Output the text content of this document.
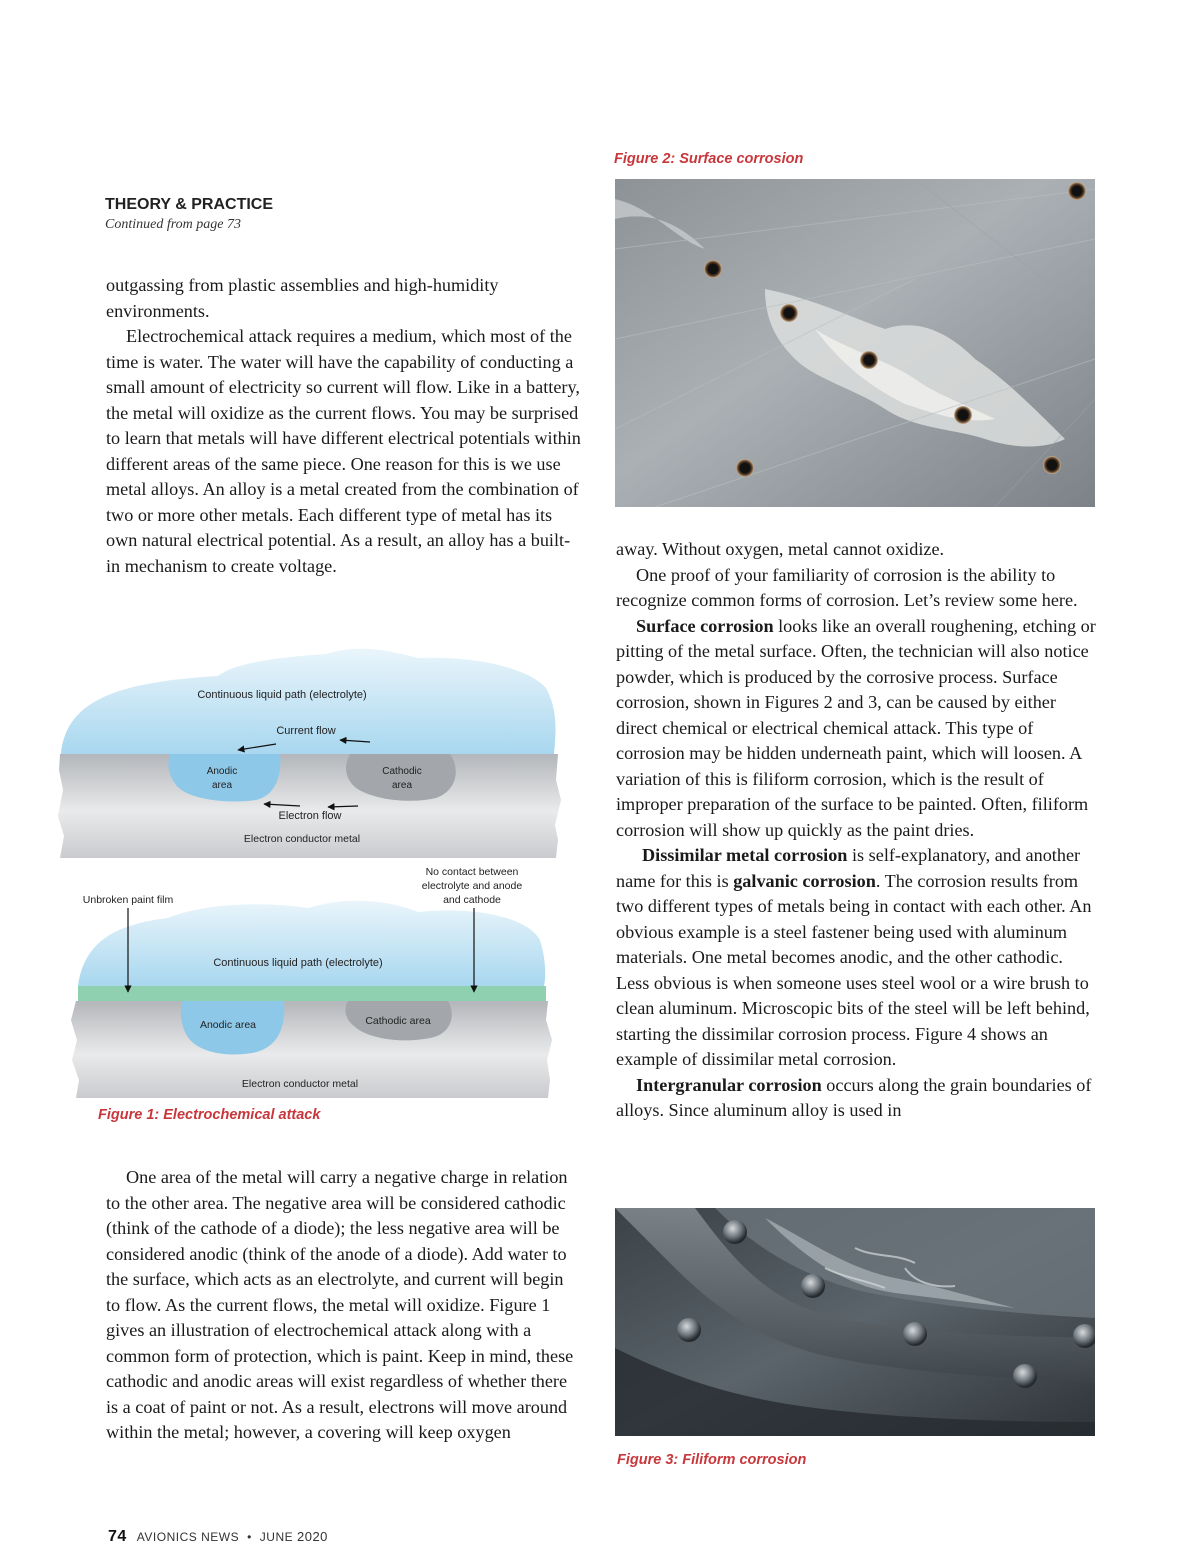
THEORY & PRACTICE
Continued from page 73

outgassing from plastic assemblies and high-humidity environments.

Electrochemical attack requires a medium, which most of the time is water. The water will have the capability of conducting a small amount of electricity so current will flow. Like in a battery, the metal will oxidize as the current flows. You may be surprised to learn that metals will have different electrical potentials within different areas of the same piece. One reason for this is we use metal alloys. An alloy is a metal created from the combination of two or more other metals. Each different type of metal has its own natural electrical potential. As a result, an alloy has a built-in mechanism to create voltage.

Continuous liquid path (electrolyte)
Current flow
Anodic
area
Cathodic
area
Electron flow
Electron conductor metal
Unbroken paint film
No contact between
electrolyte and anode
and cathode
Continuous liquid path (electrolyte)
Anodic area	Cathodic area
Electron conductor metal
Figure 1: Electrochemical attack

One area of the metal will carry a negative charge in relation to the other area. The negative area will be considered cathodic (think of the cathode of a diode); the less negative area will be considered anodic (think of the anode of a diode). Add water to the surface, which acts as an electrolyte, and current will begin to flow. As the current flows, the metal will oxidize. Figure 1 gives an illustration of electrochemical attack along with a common form of protection, which is paint. Keep in mind, these cathodic and anodic areas will exist regardless of whether there is a coat of paint or not. As a result, electrons will move around within the metal; however, a covering will keep oxygen

Figure 2: Surface corrosion

away. Without oxygen, metal cannot oxidize.

One proof of your familiarity of corrosion is the ability to recognize common forms of corrosion. Let’s review some here.

Surface corrosion looks like an overall roughening, etching or pitting of the metal surface. Often, the technician will also notice powder, which is produced by the corrosive process. Surface corrosion, shown in Figures 2 and 3, can be caused by either direct chemical or electrical chemical attack. This type of corrosion may be hidden underneath paint, which will loosen. A variation of this is filiform corrosion, which is the result of improper preparation of the surface to be painted. Often, filiform corrosion will show up quickly as the paint dries.

Dissimilar metal corrosion is self-explanatory, and another name for this is galvanic corrosion. The corrosion results from two different types of metals being in contact with each other. An obvious example is a steel fastener being used with aluminum materials. One metal becomes anodic, and the other cathodic. Less obvious is when someone uses steel wool or a wire brush to clean aluminum. Microscopic bits of the steel will be left behind, starting the dissimilar corrosion process. Figure 4 shows an example of dissimilar metal corrosion.

Intergranular corrosion occurs along the grain boundaries of alloys. Since aluminum alloy is used in

Figure 3: Filiform corrosion
74 AVIONICS NEWS • JUNE 2020
